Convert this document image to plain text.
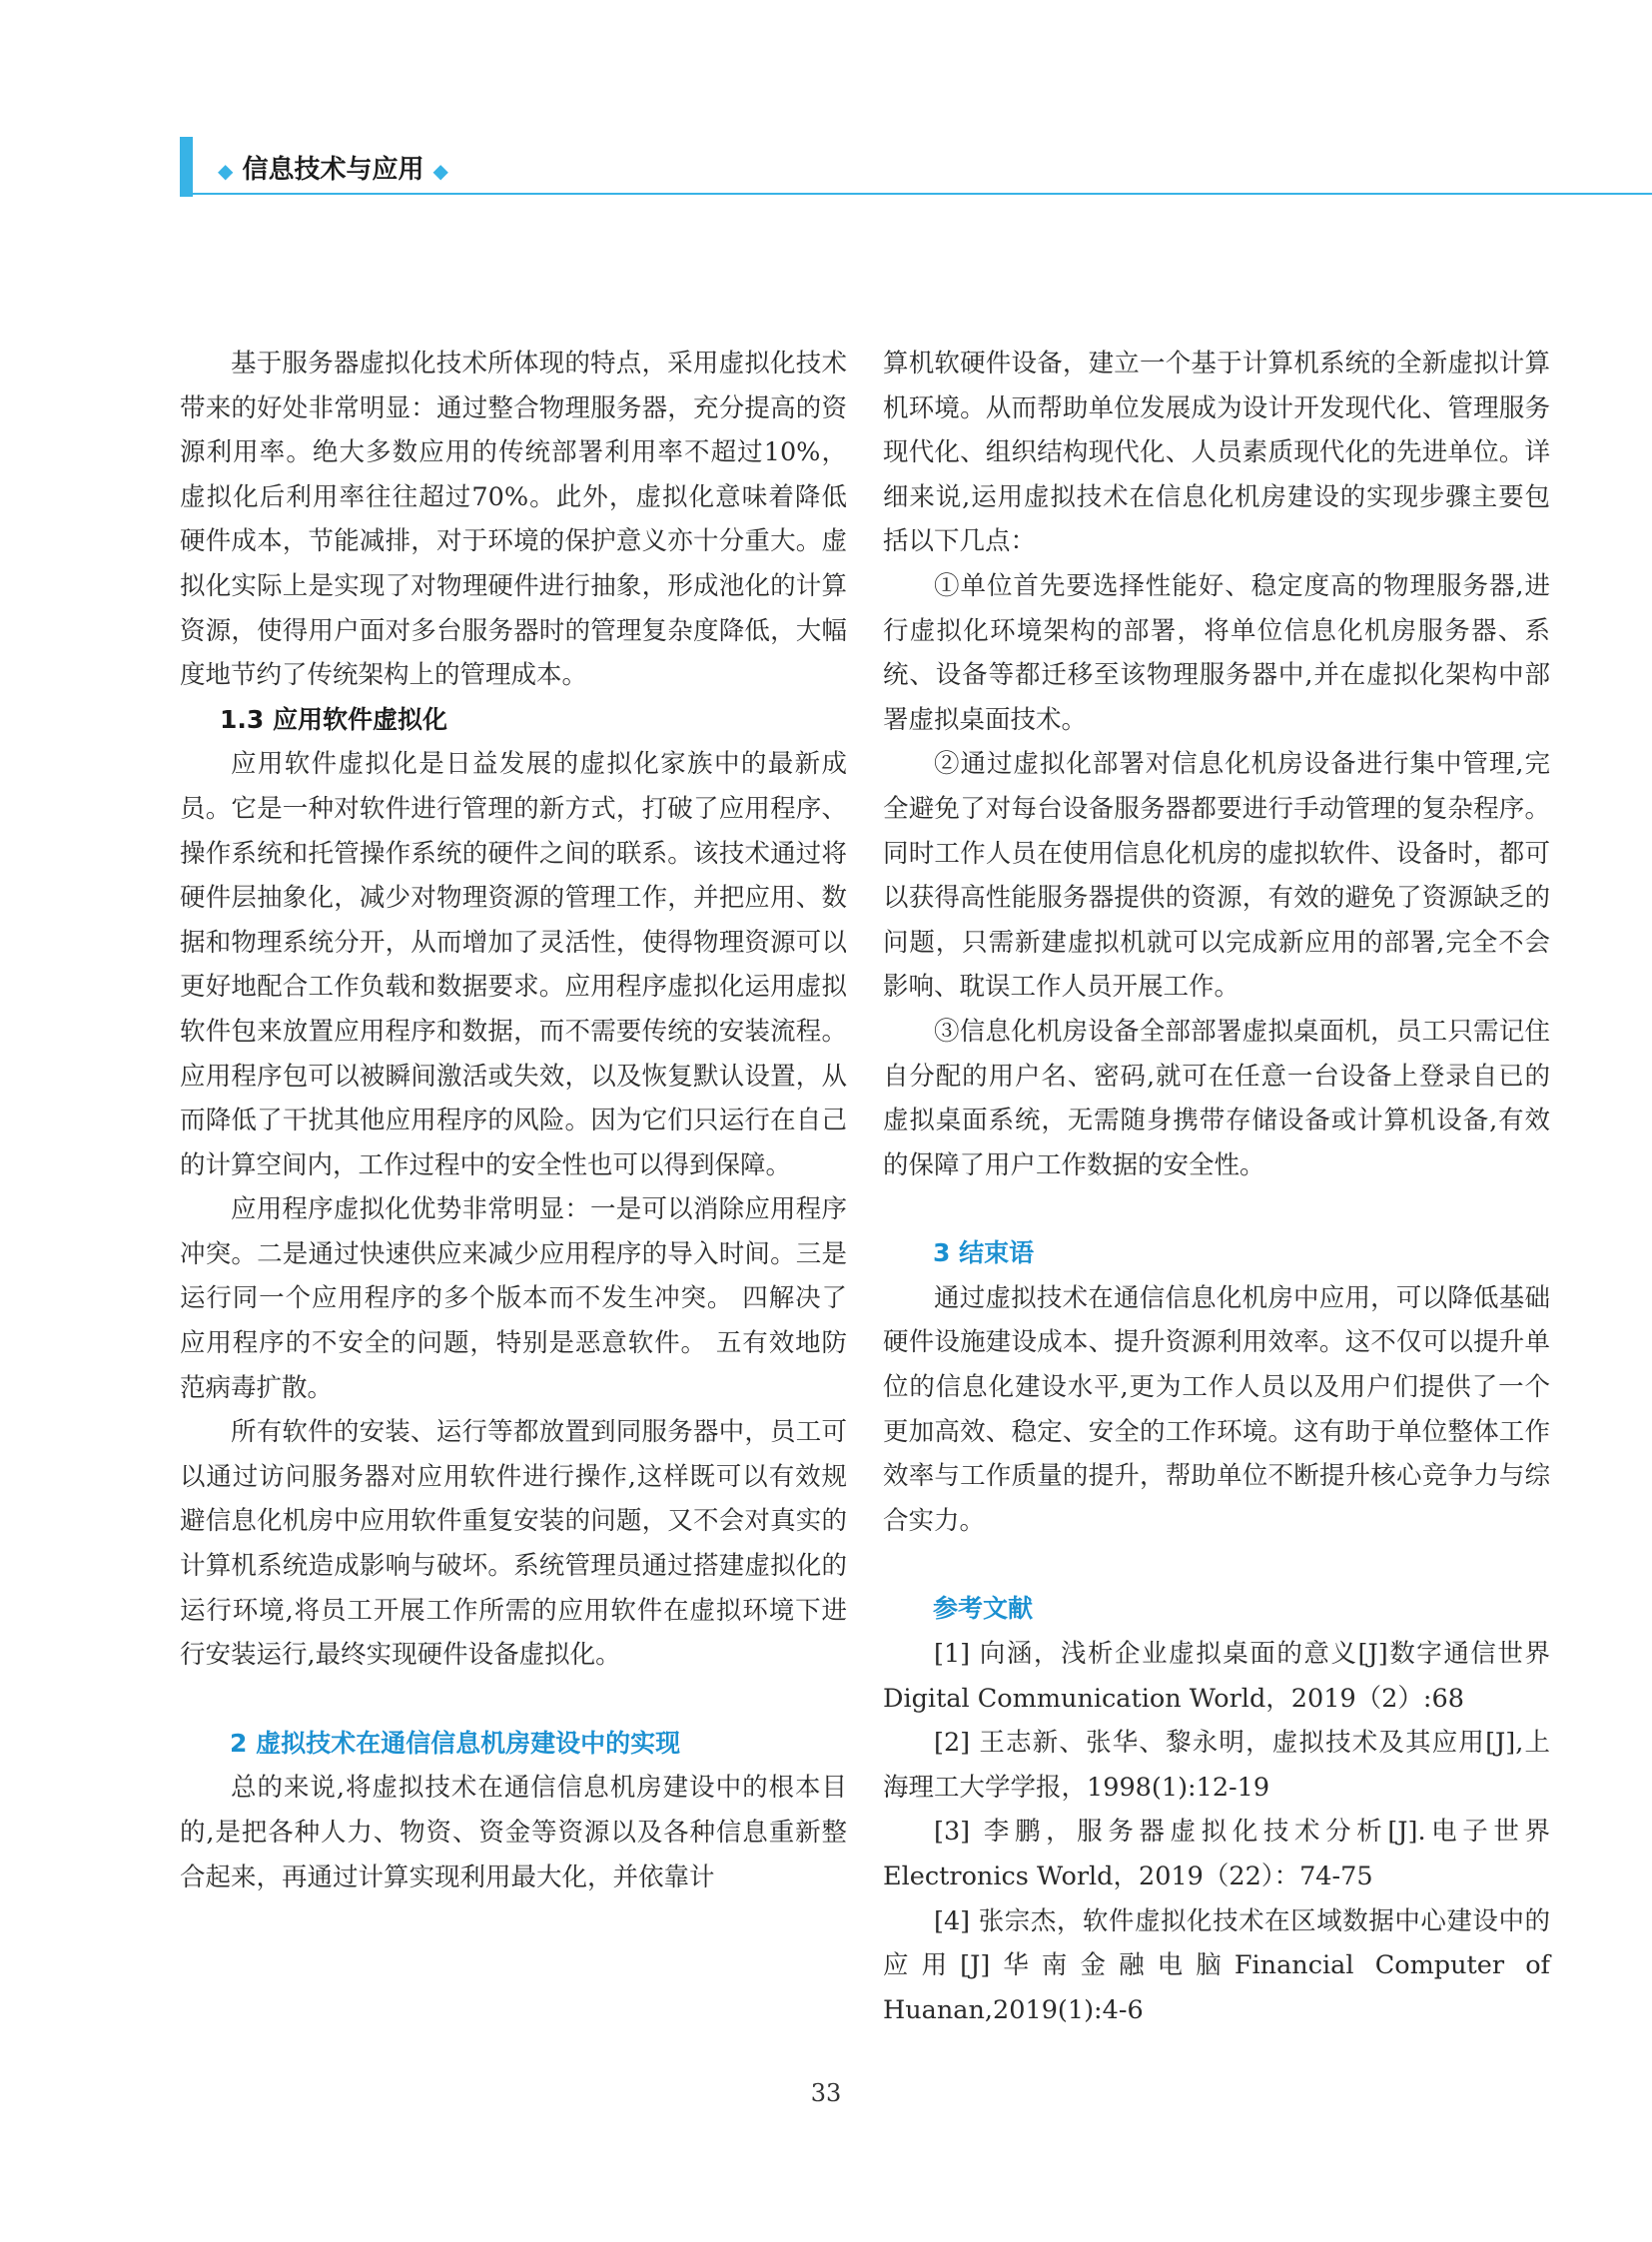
◆ 信息技术与应用 ◆

基于服务器虚拟化技术所体现的特点，采用虚拟化技术带来的好处非常明显：通过整合物理服务器，充分提高的资源利用率。绝大多数应用的传统部署利用率不超过10%，虚拟化后利用率往往超过70%。此外，虚拟化意味着降低硬件成本，节能减排，对于环境的保护意义亦十分重大。虚拟化实际上是实现了对物理硬件进行抽象，形成池化的计算资源，使得用户面对多台服务器时的管理复杂度降低，大幅度地节约了传统架构上的管理成本。

1.3 应用软件虚拟化

应用软件虚拟化是日益发展的虚拟化家族中的最新成员。它是一种对软件进行管理的新方式，打破了应用程序、操作系统和托管操作系统的硬件之间的联系。该技术通过将硬件层抽象化，减少对物理资源的管理工作，并把应用、数据和物理系统分开，从而增加了灵活性，使得物理资源可以更好地配合工作负载和数据要求。应用程序虚拟化运用虚拟软件包来放置应用程序和数据，而不需要传统的安装流程。应用程序包可以被瞬间激活或失效，以及恢复默认设置，从而降低了干扰其他应用程序的风险。因为它们只运行在自己的计算空间内，工作过程中的安全性也可以得到保障。

应用程序虚拟化优势非常明显：一是可以消除应用程序冲突。二是通过快速供应来减少应用程序的导入时间。三是运行同一个应用程序的多个版本而不发生冲突。 四解决了应用程序的不安全的问题，特别是恶意软件。 五有效地防范病毒扩散。

所有软件的安装、运行等都放置到同服务器中，员工可以通过访问服务器对应用软件进行操作,这样既可以有效规避信息化机房中应用软件重复安装的问题，又不会对真实的计算机系统造成影响与破坏。系统管理员通过搭建虚拟化的运行环境,将员工开展工作所需的应用软件在虚拟环境下进行安装运行,最终实现硬件设备虚拟化。

2 虚拟技术在通信信息机房建设中的实现

总的来说,将虚拟技术在通信信息机房建设中的根本目的,是把各种人力、物资、资金等资源以及各种信息重新整合起来，再通过计算实现利用最大化，并依靠计

算机软硬件设备，建立一个基于计算机系统的全新虚拟计算机环境。从而帮助单位发展成为设计开发现代化、管理服务现代化、组织结构现代化、人员素质现代化的先进单位。详细来说,运用虚拟技术在信息化机房建设的实现步骤主要包括以下几点：

①单位首先要选择性能好、稳定度高的物理服务器,进行虚拟化环境架构的部署，将单位信息化机房服务器、系统、设备等都迁移至该物理服务器中,并在虚拟化架构中部署虚拟桌面技术。

②通过虚拟化部署对信息化机房设备进行集中管理,完全避免了对每台设备服务器都要进行手动管理的复杂程序。同时工作人员在使用信息化机房的虚拟软件、设备时，都可以获得高性能服务器提供的资源，有效的避免了资源缺乏的问题，只需新建虚拟机就可以完成新应用的部署,完全不会影响、耽误工作人员开展工作。

③信息化机房设备全部部署虚拟桌面机，员工只需记住自分配的用户名、密码,就可在任意一台设备上登录自已的虚拟桌面系统，无需随身携带存储设备或计算机设备,有效的保障了用户工作数据的安全性。

3 结束语

通过虚拟技术在通信信息化机房中应用，可以降低基础硬件设施建设成本、提升资源利用效率。这不仅可以提升单位的信息化建设水平,更为工作人员以及用户们提供了一个更加高效、稳定、安全的工作环境。这有助于单位整体工作效率与工作质量的提升，帮助单位不断提升核心竞争力与综合实力。

参考文献

[1] 向涵，浅析企业虚拟桌面的意义[J]数字通信世界 Digital Communication World，2019（2）:68

[2] 王志新、张华、黎永明，虚拟技术及其应用[J],上海理工大学学报，1998(1):12-19

[3] 李鹏，服务器虚拟化技术分析[J].电子世界 Electronics World，2019（22）：74-75

[4] 张宗杰，软件虚拟化技术在区域数据中心建设中的应用[J]华南金融电脑Financial Computer of Huanan,2019(1):4-6

33
